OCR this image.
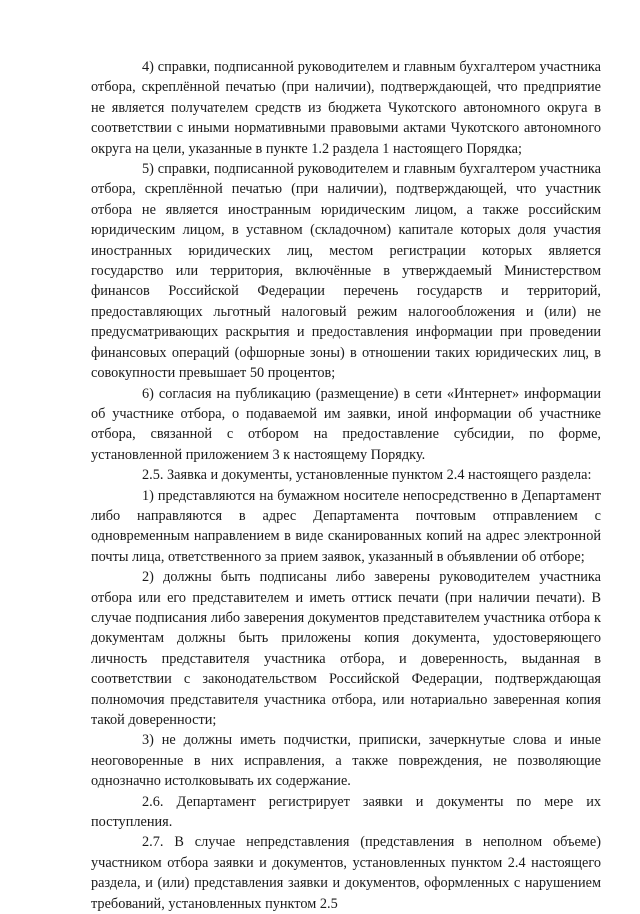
4) справки, подписанной руководителем и главным бухгалтером участника отбора, скреплённой печатью (при наличии), подтверждающей, что предприятие не является получателем средств из бюджета Чукотского автономного округа в соответствии с иными нормативными правовыми актами Чукотского автономного округа на цели, указанные в пункте 1.2 раздела 1 настоящего Порядка;

5) справки, подписанной руководителем и главным бухгалтером участника отбора, скреплённой печатью (при наличии), подтверждающей, что участник отбора не является иностранным юридическим лицом, а также российским юридическим лицом, в уставном (складочном) капитале которых доля участия иностранных юридических лиц, местом регистрации которых является государство или территория, включённые в утверждаемый Министерством финансов Российской Федерации перечень государств и территорий, предоставляющих льготный налоговый режим налогообложения и (или) не предусматривающих раскрытия и предоставления информации при проведении финансовых операций (офшорные зоны) в отношении таких юридических лиц, в совокупности превышает 50 процентов;

6) согласия на публикацию (размещение) в сети «Интернет» информации об участнике отбора, о подаваемой им заявки, иной информации об участнике отбора, связанной с отбором на предоставление субсидии, по форме, установленной приложением 3 к настоящему Порядку.

2.5. Заявка и документы, установленные пунктом 2.4 настоящего раздела:

1) представляются на бумажном носителе непосредственно в Департамент либо направляются в адрес Департамента почтовым отправлением с одновременным направлением в виде сканированных копий на адрес электронной почты лица, ответственного за прием заявок, указанный в объявлении об отборе;

2) должны быть подписаны либо заверены руководителем участника отбора или его представителем и иметь оттиск печати (при наличии печати). В случае подписания либо заверения документов представителем участника отбора к документам должны быть приложены копия документа, удостоверяющего личность представителя участника отбора, и доверенность, выданная в соответствии с законодательством Российской Федерации, подтверждающая полномочия представителя участника отбора, или нотариально заверенная копия такой доверенности;

3) не должны иметь подчистки, приписки, зачеркнутые слова и иные неоговоренные в них исправления, а также повреждения, не позволяющие однозначно истолковывать их содержание.

2.6. Департамент регистрирует заявки и документы по мере их поступления.

2.7. В случае непредставления (представления в неполном объеме) участником отбора заявки и документов, установленных пунктом 2.4 настоящего раздела, и (или) представления заявки и документов, оформленных с нарушением требований, установленных пунктом 2.5
